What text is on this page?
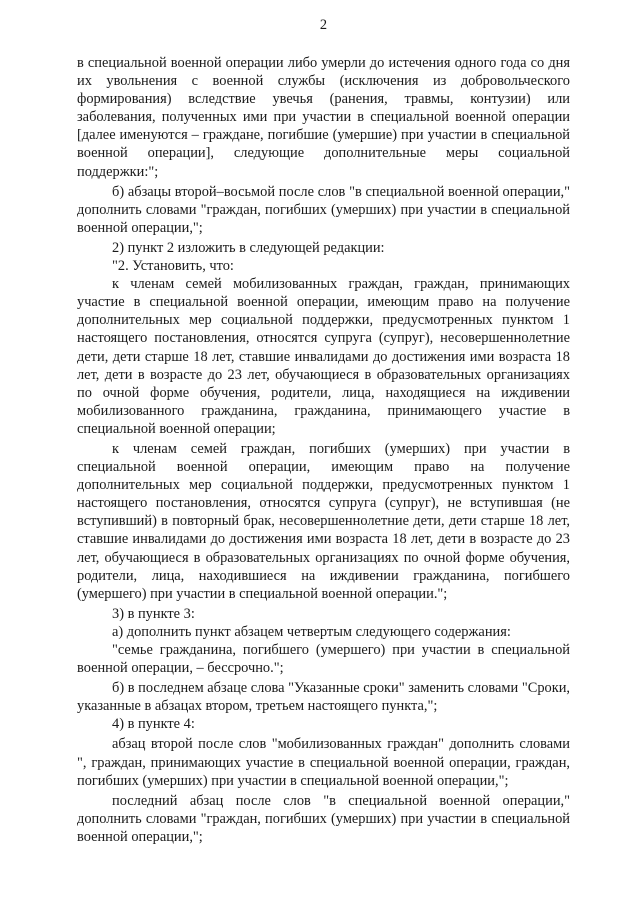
2

в специальной военной операции либо умерли до истечения одного года со дня их увольнения с военной службы (исключения из добровольческого формирования) вследствие увечья (ранения, травмы, контузии) или заболевания, полученных ими при участии в специальной военной операции [далее именуются – граждане, погибшие (умершие) при участии в специальной военной операции], следующие дополнительные меры социальной поддержки:";

б) абзацы второй–восьмой после слов "в специальной военной операции," дополнить словами "граждан, погибших (умерших) при участии в специальной военной операции,";

2) пункт 2 изложить в следующей редакции:

"2. Установить, что:

к членам семей мобилизованных граждан, граждан, принимающих участие в специальной военной операции, имеющим право на получение дополнительных мер социальной поддержки, предусмотренных пунктом 1 настоящего постановления, относятся супруга (супруг), несовершеннолетние дети, дети старше 18 лет, ставшие инвалидами до достижения ими возраста 18 лет, дети в возрасте до 23 лет, обучающиеся в образовательных организациях по очной форме обучения, родители, лица, находящиеся на иждивении мобилизованного гражданина, гражданина, принимающего участие в специальной военной операции;

к членам семей граждан, погибших (умерших) при участии в специальной военной операции, имеющим право на получение дополнительных мер социальной поддержки, предусмотренных пунктом 1 настоящего постановления, относятся супруга (супруг), не вступившая (не вступивший) в повторный брак, несовершеннолетние дети, дети старше 18 лет, ставшие инвалидами до достижения ими возраста 18 лет, дети в возрасте до 23 лет, обучающиеся в образовательных организациях по очной форме обучения, родители, лица, находившиеся на иждивении гражданина, погибшего (умершего) при участии в специальной военной операции.";

3) в пункте 3:

а) дополнить пункт абзацем четвертым следующего содержания:

"семье гражданина, погибшего (умершего) при участии в специальной военной операции, – бессрочно.";

б) в последнем абзаце слова "Указанные сроки" заменить словами "Сроки, указанные в абзацах втором, третьем настоящего пункта,";

4) в пункте 4:

абзац второй после слов "мобилизованных граждан" дополнить словами ", граждан, принимающих участие в специальной военной операции, граждан, погибших (умерших) при участии в специальной военной операции,";

последний абзац после слов "в специальной военной операции," дополнить словами "граждан, погибших (умерших) при участии в специальной военной операции,";
